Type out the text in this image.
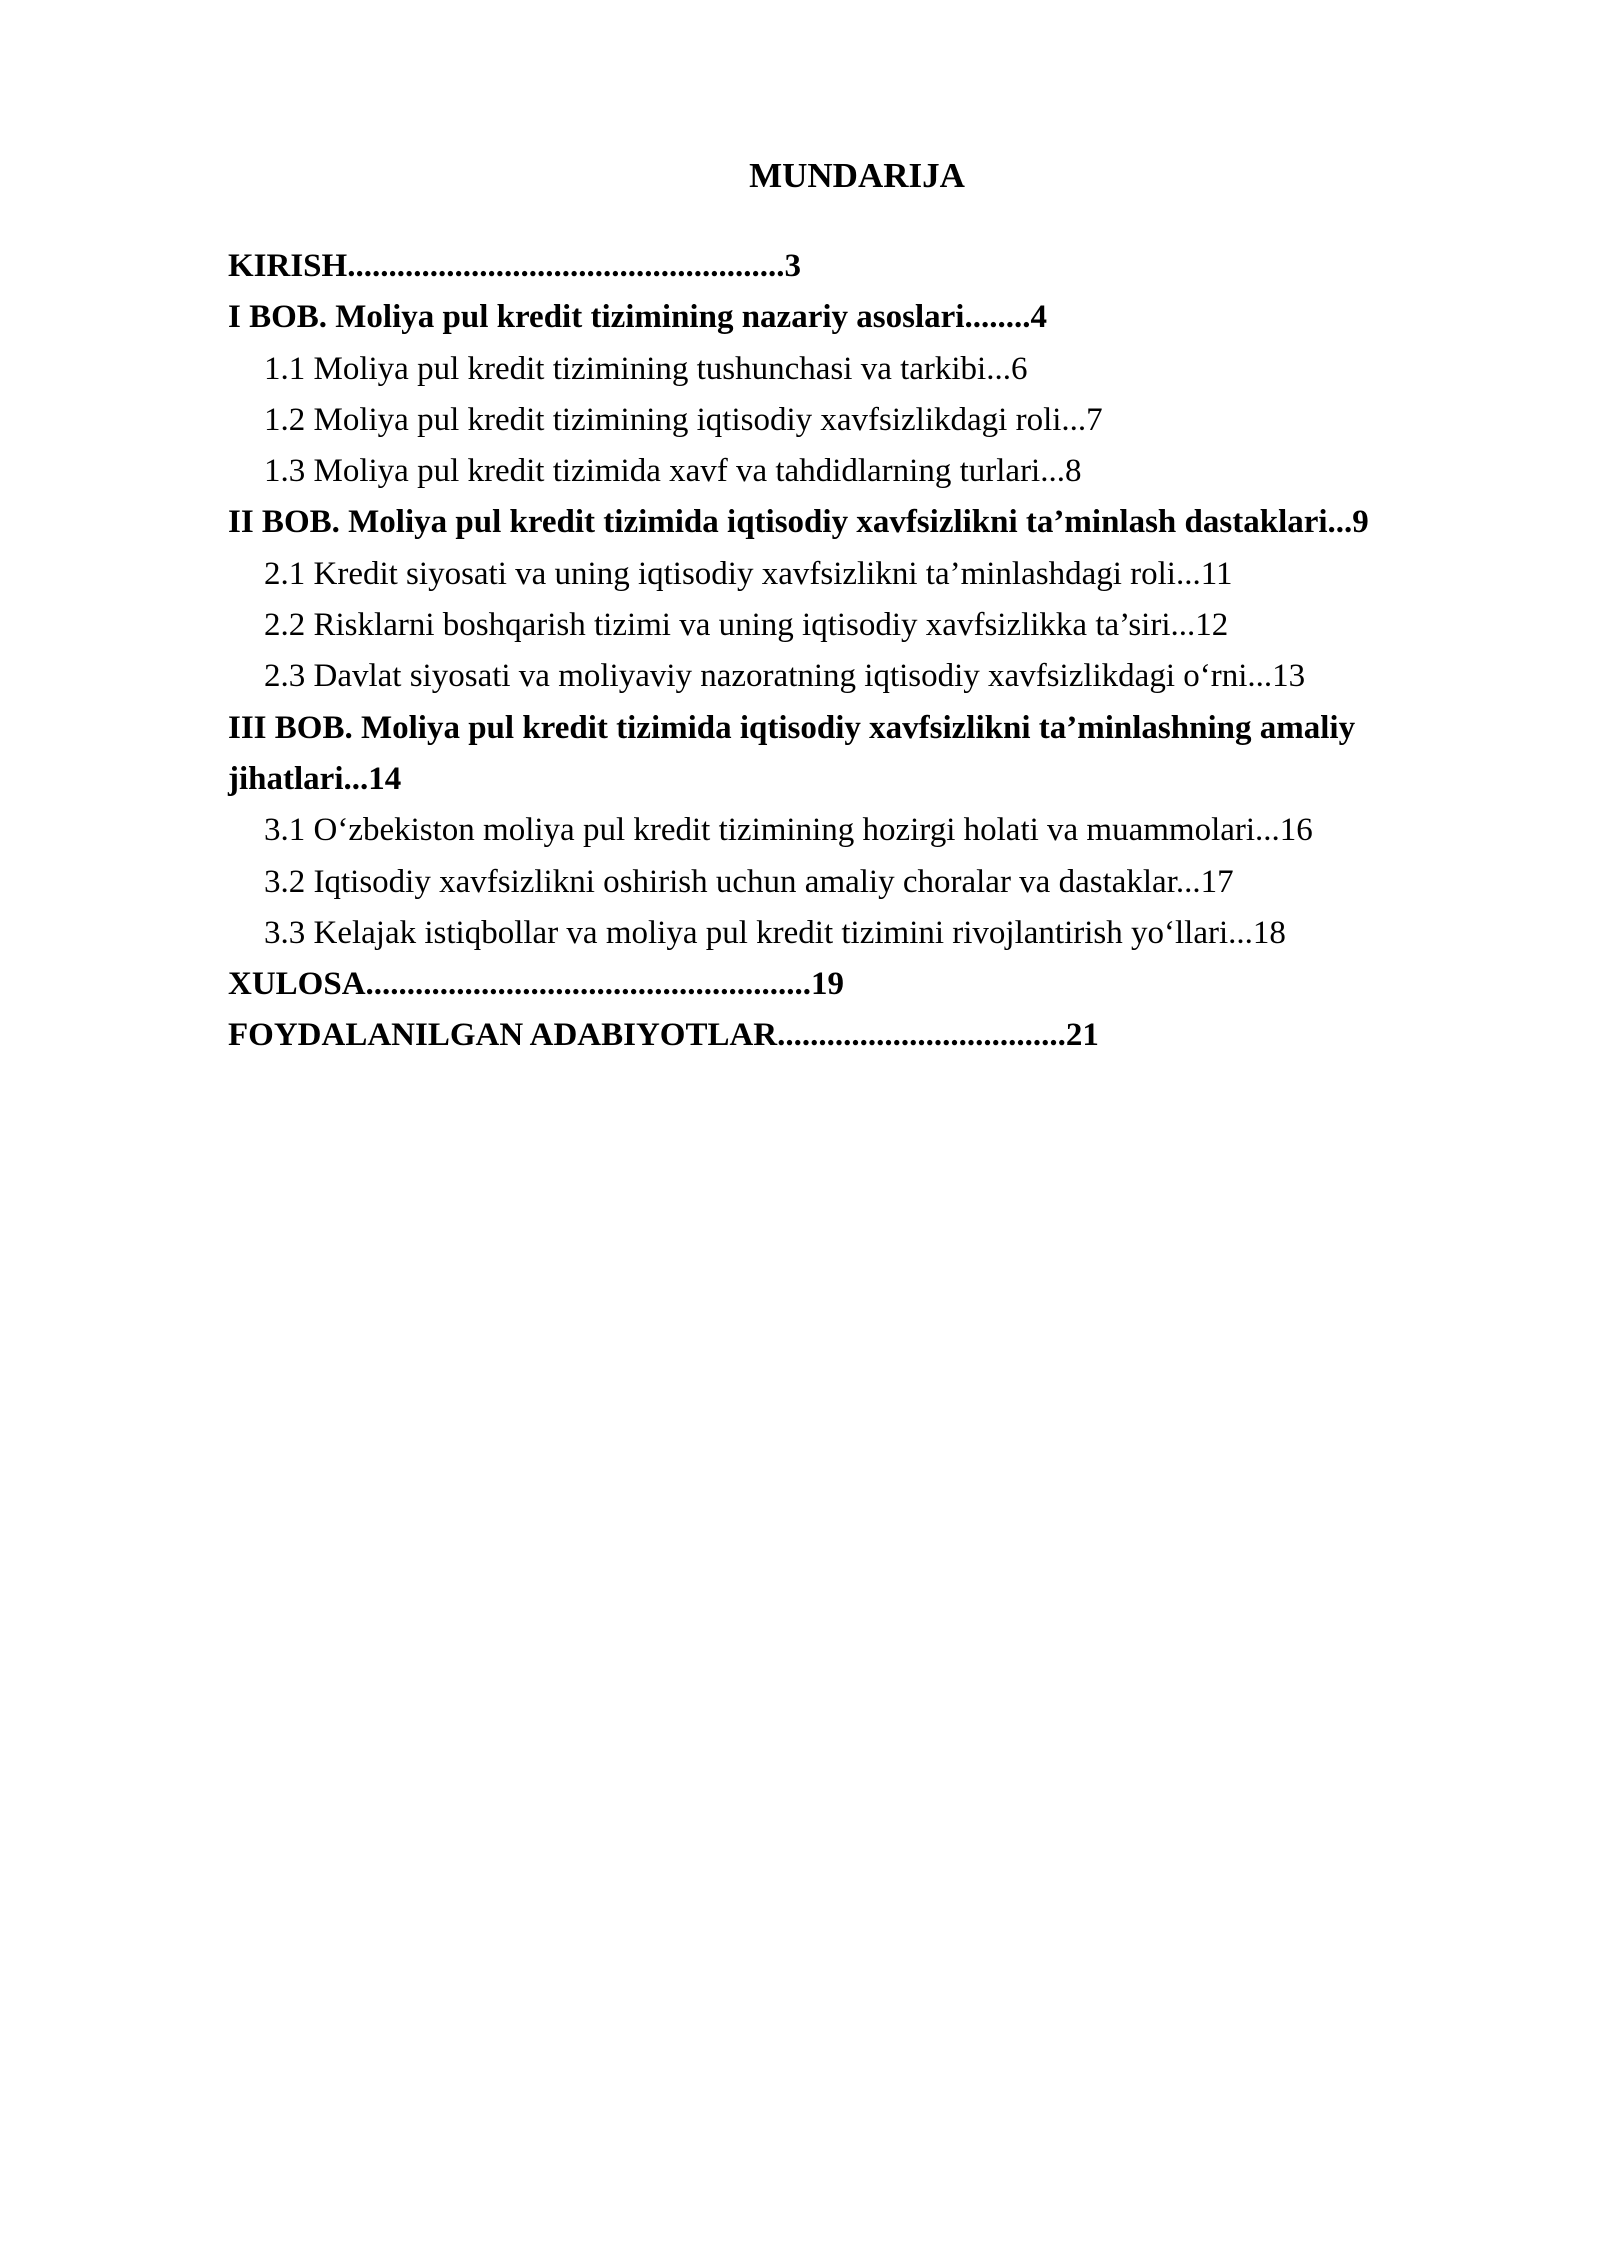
MUNDARIJA
KIRISH.....................................................3
I BOB. Moliya pul kredit tizimining nazariy asoslari........4
1.1 Moliya pul kredit tizimining tushunchasi va tarkibi...6
1.2 Moliya pul kredit tizimining iqtisodiy xavfsizlikdagi roli...7
1.3 Moliya pul kredit tizimida xavf va tahdidlarning turlari...8
II BOB. Moliya pul kredit tizimida iqtisodiy xavfsizlikni ta’minlash dastaklari...9
2.1 Kredit siyosati va uning iqtisodiy xavfsizlikni ta’minlashdagi roli...11
2.2 Risklarni boshqarish tizimi va uning iqtisodiy xavfsizlikka ta’siri...12
2.3 Davlat siyosati va moliyaviy nazoratning iqtisodiy xavfsizlikdagi o‘rni...13
III BOB. Moliya pul kredit tizimida iqtisodiy xavfsizlikni ta’minlashning amaliy jihatlari...14
3.1 O‘zbekiston moliya pul kredit tizimining hozirgi holati va muammolari...16
3.2 Iqtisodiy xavfsizlikni oshirish uchun amaliy choralar va dastaklar...17
3.3 Kelajak istiqbollar va moliya pul kredit tizimini rivojlantirish yo‘llari...18
XULOSA......................................................19
FOYDALANILGAN ADABIYOTLAR...................................21
